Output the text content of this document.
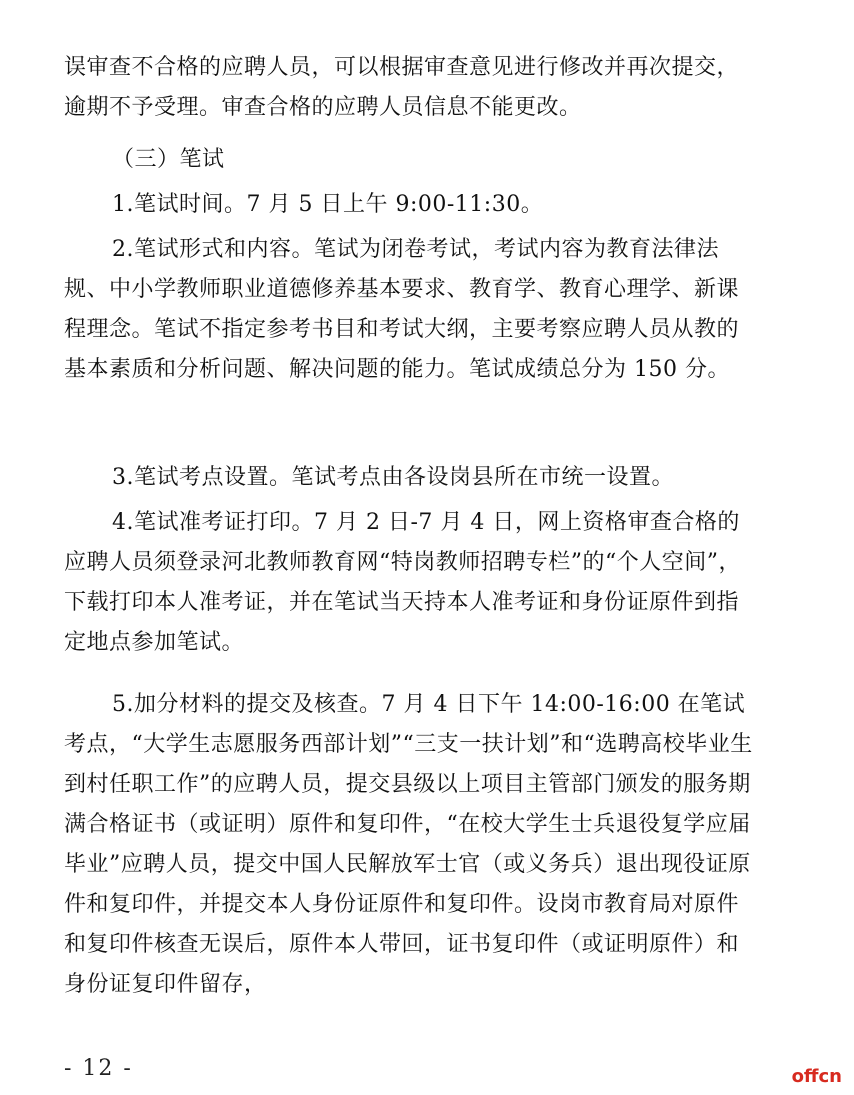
误审查不合格的应聘人员，可以根据审查意见进行修改并再次提交，逾期不予受理。审查合格的应聘人员信息不能更改。
（三）笔试
1.笔试时间。7 月 5 日上午 9:00-11:30。
2.笔试形式和内容。笔试为闭卷考试，考试内容为教育法律法规、中小学教师职业道德修养基本要求、教育学、教育心理学、新课程理念。笔试不指定参考书目和考试大纲，主要考察应聘人员从教的基本素质和分析问题、解决问题的能力。笔试成绩总分为 150 分。
3.笔试考点设置。笔试考点由各设岗县所在市统一设置。
4.笔试准考证打印。7 月 2 日-7 月 4 日，网上资格审查合格的应聘人员须登录河北教师教育网“特岗教师招聘专栏”的“个人空间”，下载打印本人准考证，并在笔试当天持本人准考证和身份证原件到指定地点参加笔试。
5.加分材料的提交及核查。7 月 4 日下午 14:00-16:00 在笔试考点，“大学生志愿服务西部计划”“三支一扶计划”和“选聘高校毕业生到村任职工作”的应聘人员，提交县级以上项目主管部门颁发的服务期满合格证书（或证明）原件和复印件，“在校大学生士兵退役复学应届毕业”应聘人员，提交中国人民解放军士官（或义务兵）退出现役证原件和复印件，并提交本人身份证原件和复印件。设岗市教育局对原件和复印件核查无误后，原件本人带回，证书复印件（或证明原件）和身份证复印件留存，
- 12 -	offcn
